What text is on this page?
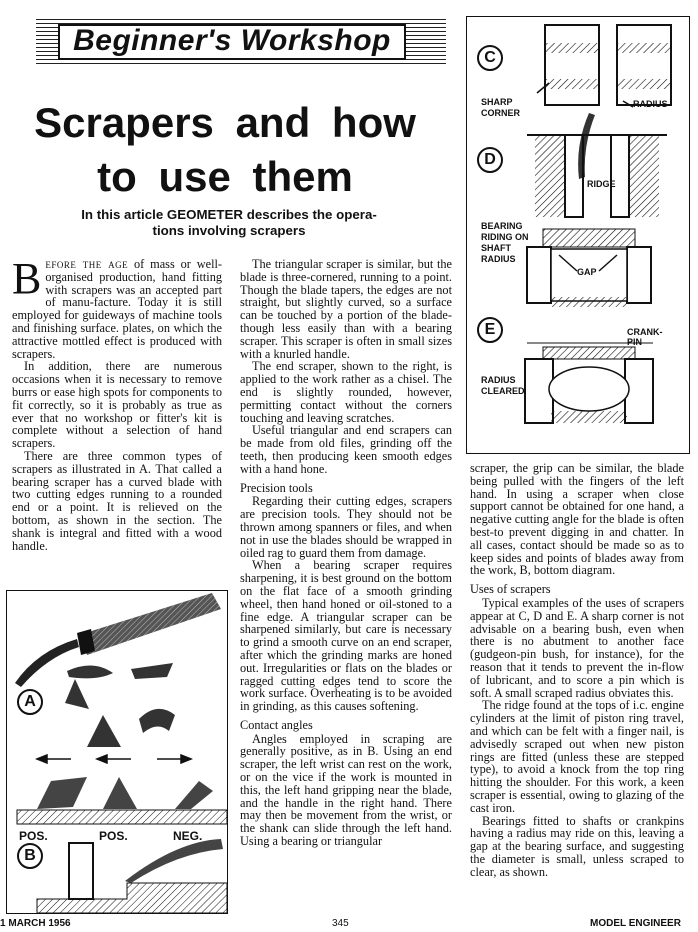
Beginner's Workshop
Scrapers and how
to use them
In this article GEOMETER describes the opera-
tions involving scrapers

Before the age of mass or well-organised production, hand fitting with scrapers was an accepted part of manu-facture. Today it is still employed for guideways of machine tools and finishing surface. plates, on which the attractive mottled effect is produced with scrapers.

In addition, there are numerous occasions when it is necessary to remove burrs or ease high spots for components to fit correctly, so it is probably as true as ever that no workshop or fitter's kit is complete without a selection of hand scrapers.

There are three common types of scrapers as illustrated in A. That called a bearing scraper has a curved blade with two cutting edges running to a rounded end or a point. It is relieved on the bottom, as shown in the section. The shank is integral and fitted with a wood handle.

A
B
POS.	POS.	NEG.

The triangular scraper is similar, but the blade is three-cornered, running to a point. Though the blade tapers, the edges are not straight, but slightly curved, so a surface can be touched by a portion of the blade-though less easily than with a bearing scraper. This scraper is often in small sizes with a knurled handle.

The end scraper, shown to the right, is applied to the work rather as a chisel. The end is slightly rounded, however, permitting contact without the corners touching and leaving scratches.

Useful triangular and end scrapers can be made from old files, grinding off the teeth, then producing keen smooth edges with a hand hone.

Precision tools

Regarding their cutting edges, scrapers are precision tools. They should not be thrown among spanners or files, and when not in use the blades should be wrapped in oiled rag to guard them from damage.

When a bearing scraper requires sharpening, it is best ground on the bottom on the flat face of a smooth grinding wheel, then hand honed or oil-stoned to a fine edge. A triangular scraper can be sharpened similarly, but care is necessary to grind a smooth curve on an end scraper, after which the grinding marks are honed out. Irregularities or flats on the blades or ragged cutting edges tend to score the work surface. Overheating is to be avoided in grinding, as this causes softening.

Contact angles

Angles employed in scraping are generally positive, as in B. Using an end scraper, the left wrist can rest on the work, or on the vice if the work is mounted in this, the left hand gripping near the blade, and the handle in the right hand. There may then be movement from the wrist, or the shank can slide through the left hand. Using a bearing or triangular

C
D
E
SHARP CORNER
RADIUS
RIDGE
BEARING RIDING ON SHAFT RADIUS
GAP
CRANK-PIN
RADIUS CLEARED

scraper, the grip can be similar, the blade being pulled with the fingers of the left hand. In using a scraper when close support cannot be obtained for one hand, a negative cutting angle for the blade is often best-to prevent digging in and chatter. In all cases, contact should be made so as to keep sides and points of blades away from the work, B, bottom diagram.

Uses of scrapers

Typical examples of the uses of scrapers appear at C, D and E. A sharp corner is not advisable on a bearing bush, even when there is no abutment to another face (gudgeon-pin bush, for instance), for the reason that it tends to prevent the in-flow of lubricant, and to score a pin which is soft. A small scraped radius obviates this.

The ridge found at the tops of i.c. engine cylinders at the limit of piston ring travel, and which can be felt with a finger nail, is advisedly scraped out when new piston rings are fitted (unless these are stepped type), to avoid a knock from the top ring hitting the shoulder. For this work, a keen scraper is essential, owing to glazing of the cast iron.

Bearings fitted to shafts or crankpins having a radius may ride on this, leaving a gap at the bearing surface, and suggesting the diameter is small, unless scraped to clear, as shown.

1 MARCH 1956	345	MODEL ENGINEER
